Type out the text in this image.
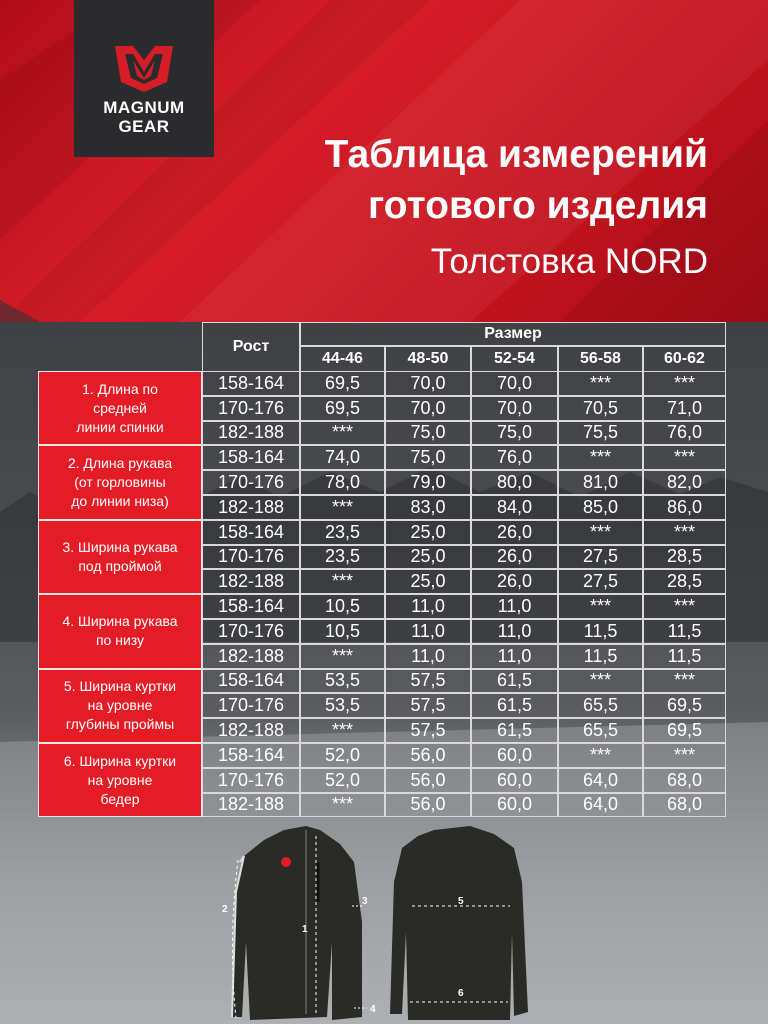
MAGNUM
GEAR
Таблица измерений
готового изделия
Толстовка NORD
Рост
Размер
44-46	48-50	52-54	56-58	60-62
1. Длина по
средней
линии спинки
158-164	69,5	70,0	70,0	***	***
170-176	69,5	70,0	70,0	70,5	71,0
182-188	***	75,0	75,0	75,5	76,0
2. Длина рукава
(от горловины
до линии низа)
158-164	74,0	75,0	76,0	***	***
170-176	78,0	79,0	80,0	81,0	82,0
182-188	***	83,0	84,0	85,0	86,0
3. Ширина рукава
под проймой
158-164	23,5	25,0	26,0	***	***
170-176	23,5	25,0	26,0	27,5	28,5
182-188	***	25,0	26,0	27,5	28,5
4. Ширина рукава
по низу
158-164	10,5	11,0	11,0	***	***
170-176	10,5	11,0	11,0	11,5	11,5
182-188	***	11,0	11,0	11,5	11,5
5. Ширина куртки
на уровне
глубины проймы
158-164	53,5	57,5	61,5	***	***
170-176	53,5	57,5	61,5	65,5	69,5
182-188	***	57,5	61,5	65,5	69,5
6. Ширина куртки
на уровне
бедер
158-164	52,0	56,0	60,0	***	***
170-176	52,0	56,0	60,0	64,0	68,0
182-188	***	56,0	60,0	64,0	68,0
2
1
3
4
5
6
